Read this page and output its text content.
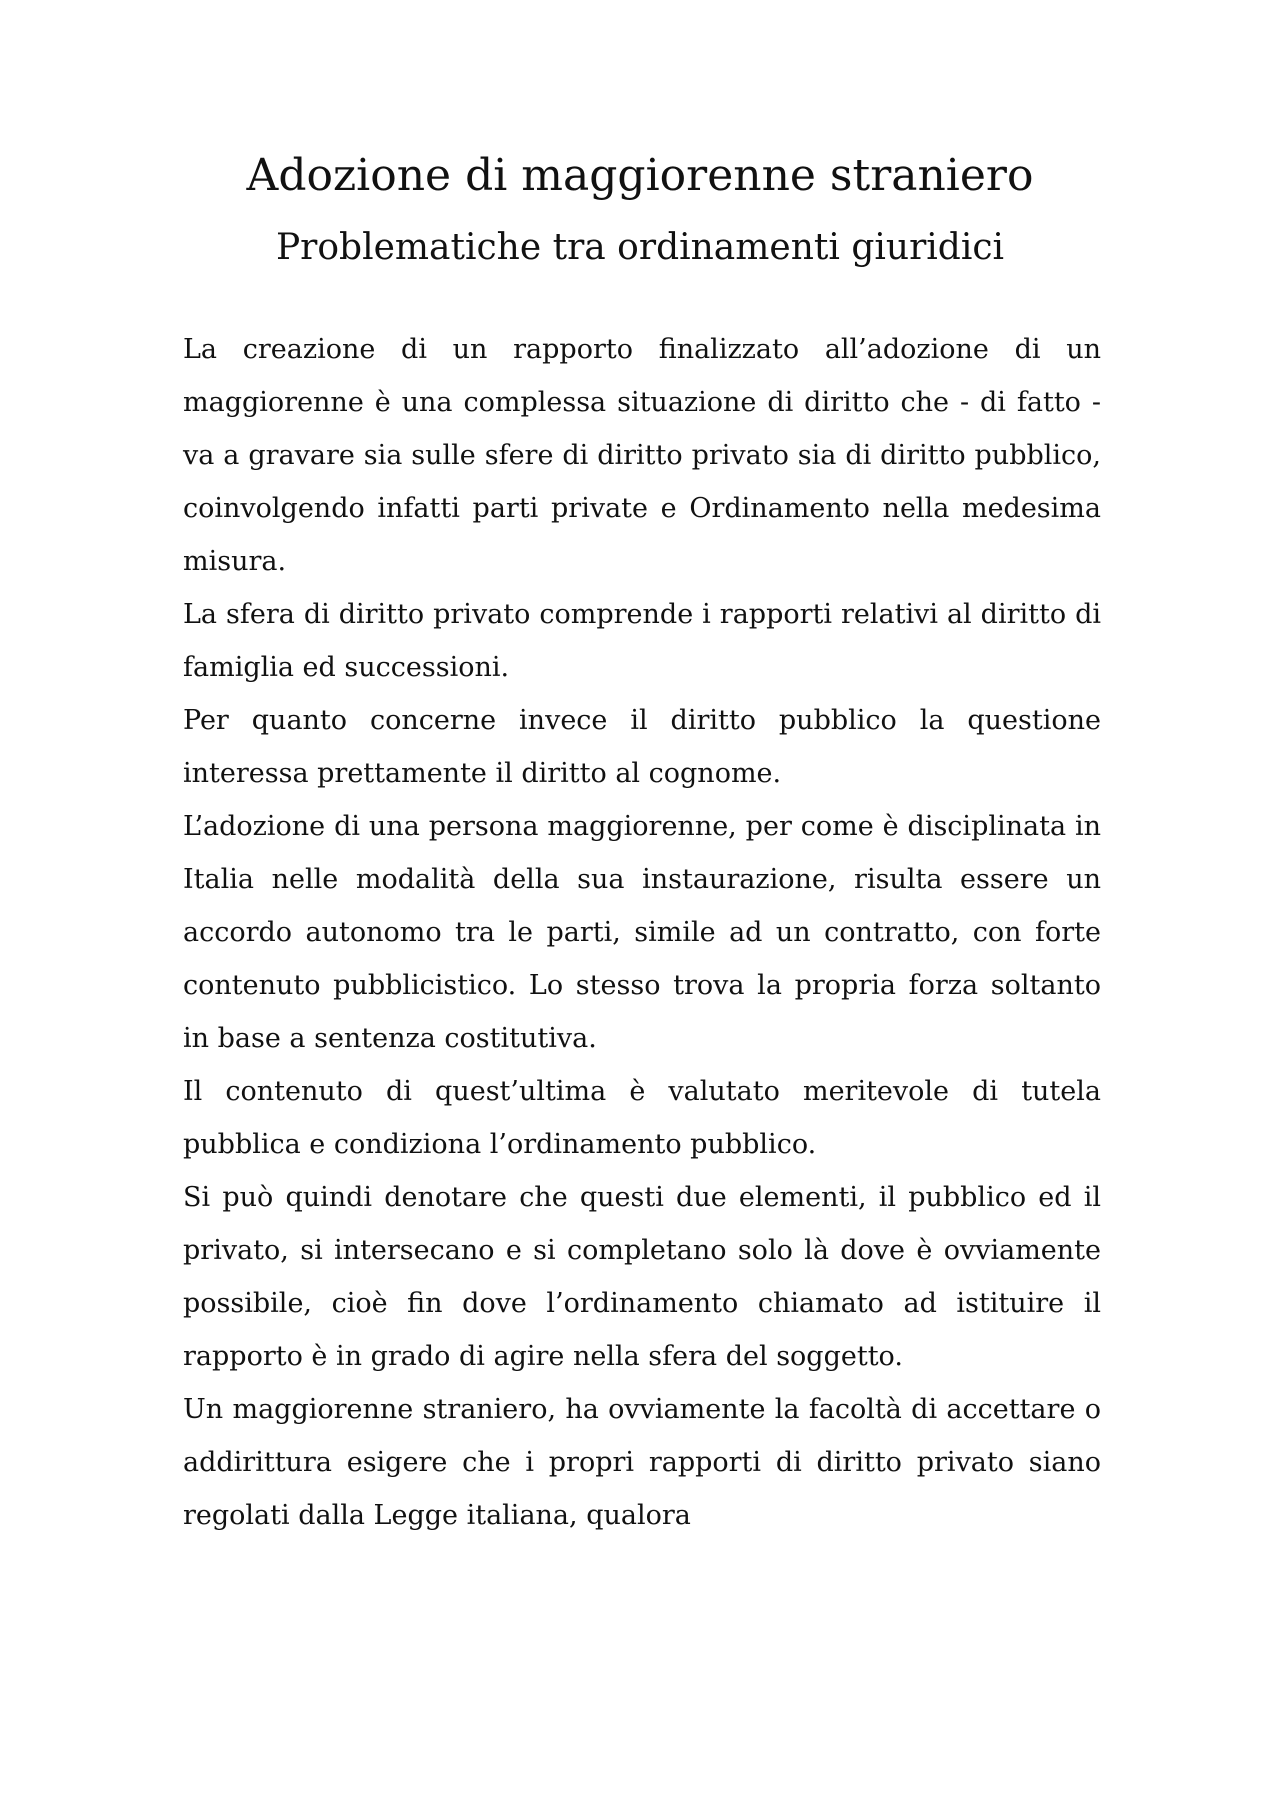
Adozione di maggiorenne straniero
Problematiche tra ordinamenti giuridici

La creazione di un rapporto finalizzato all’adozione di un maggiorenne è una complessa situazione di diritto che - di fatto - va a gravare sia sulle sfere di diritto privato sia di diritto pubblico, coinvolgendo infatti parti private e Ordinamento nella medesima misura.

La sfera di diritto privato comprende i rapporti relativi al diritto di famiglia ed successioni.

Per quanto concerne invece il diritto pubblico la questione interessa prettamente il diritto al cognome.

L’adozione di una persona maggiorenne, per come è disciplinata in Italia nelle modalità della sua instaurazione, risulta essere un accordo autonomo tra le parti, simile ad un contratto, con forte contenuto pubblicistico. Lo stesso trova la propria forza soltanto in base a sentenza costitutiva.

Il contenuto di quest’ultima è valutato meritevole di tutela pubblica e condiziona l’ordinamento pubblico.

Si può quindi denotare che questi due elementi, il pubblico ed il privato, si intersecano e si completano solo là dove è ovviamente possibile, cioè fin dove l’ordinamento chiamato ad istituire il rapporto è in grado di agire nella sfera del soggetto.

Un maggiorenne straniero, ha ovviamente la facoltà di accettare o addirittura esigere che i propri rapporti di diritto privato siano regolati dalla Legge italiana, qualora
